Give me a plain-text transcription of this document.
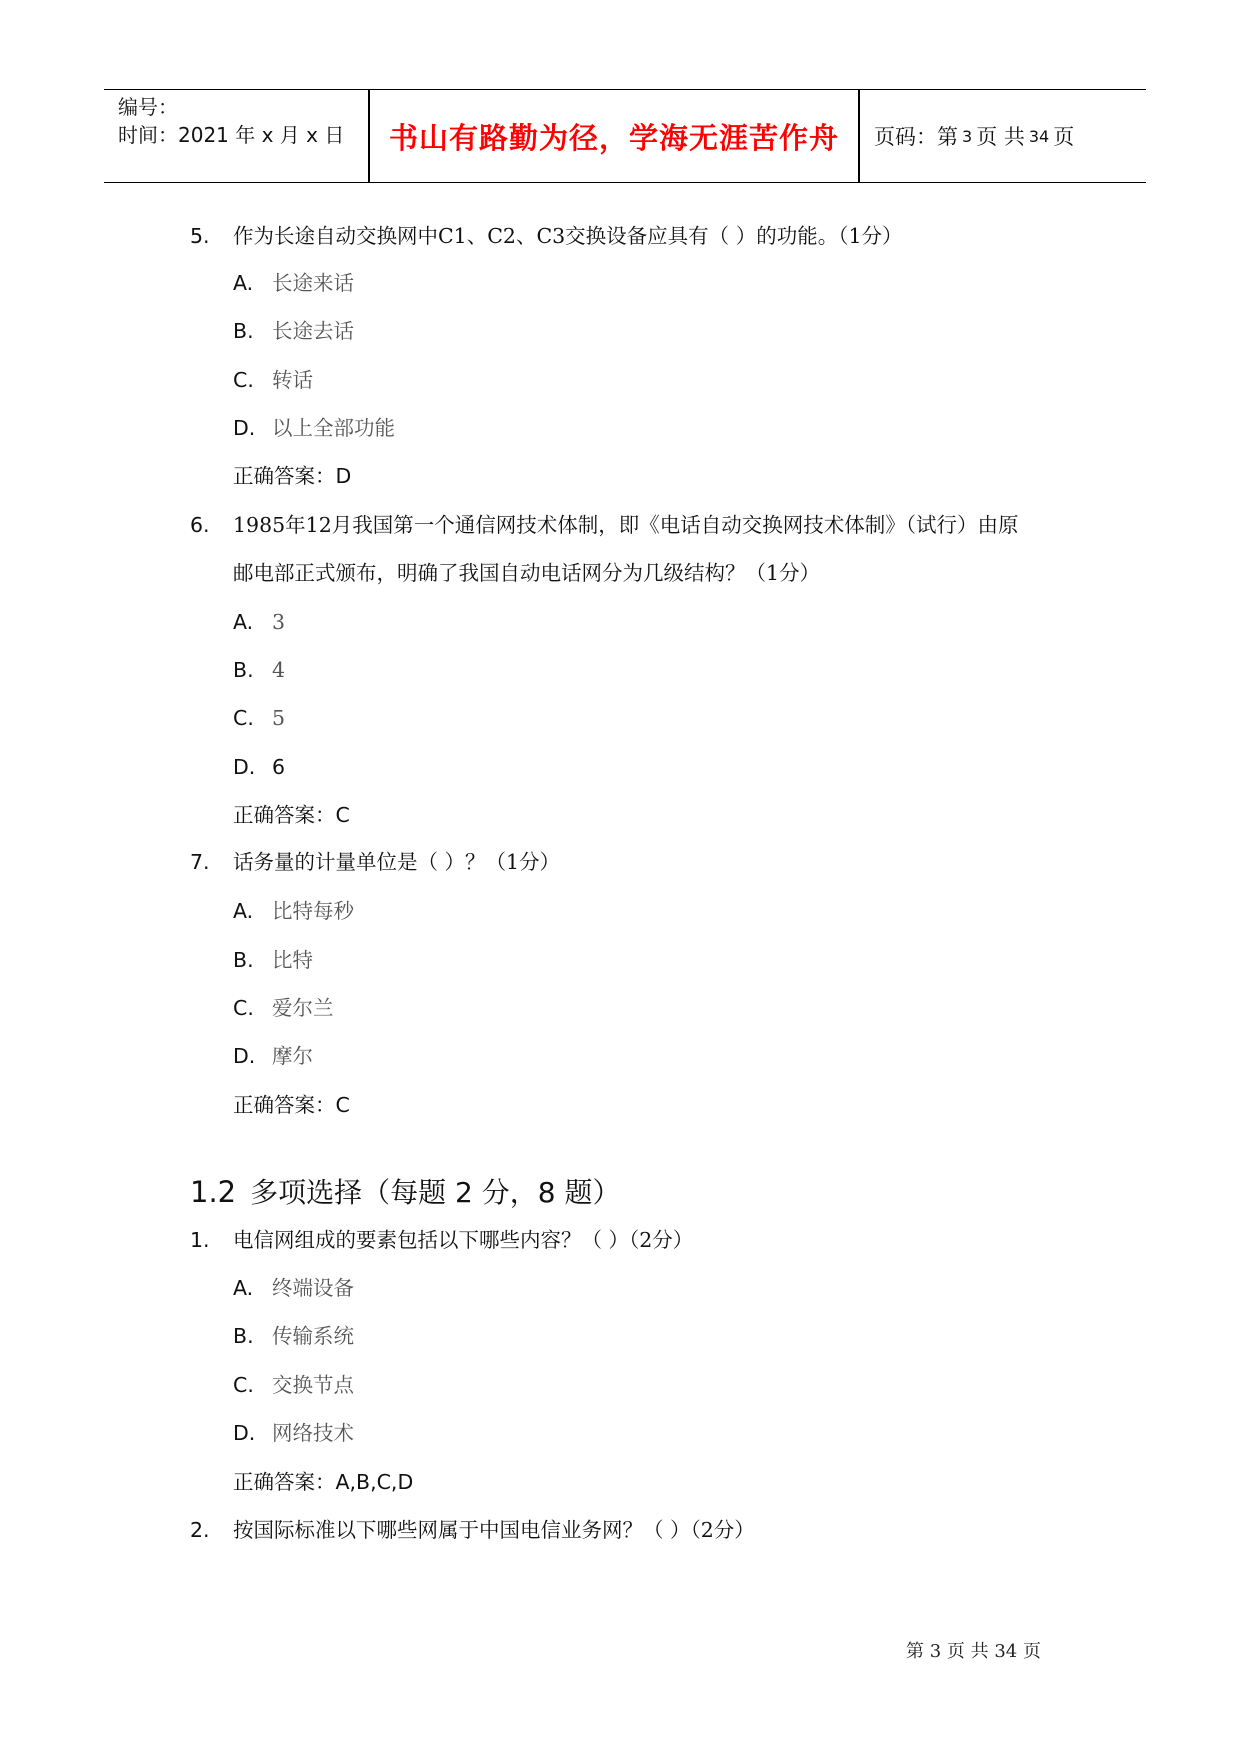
编号：
时间：2021 年 x 月 x 日	书山有路勤为径，学海无涯苦作舟	页码：第 3 页 共 34 页
5. 作为长途自动交换网中C1、C2、C3交换设备应具有（ ）的功能。（1分）
A. 长途来话
B. 长途去话
C. 转话
D. 以上全部功能
正确答案：D
6. 1985年12月我国第一个通信网技术体制，即《电话自动交换网技术体制》（试行）由原
邮电部正式颁布，明确了我国自动电话网分为几级结构？（1分）
A. 3
B. 4
C. 5
D. 6
正确答案：C
7. 话务量的计量单位是（ ）？（1分）
A. 比特每秒
B. 比特
C. 爱尔兰
D. 摩尔
正确答案：C
1.2 多项选择（每题 2 分，8 题）
1. 电信网组成的要素包括以下哪些内容？（ ）（2分）
A. 终端设备
B. 传输系统
C. 交换节点
D. 网络技术
正确答案：A,B,C,D
2. 按国际标准以下哪些网属于中国电信业务网？（ ）（2分）
第 3 页 共 34 页
